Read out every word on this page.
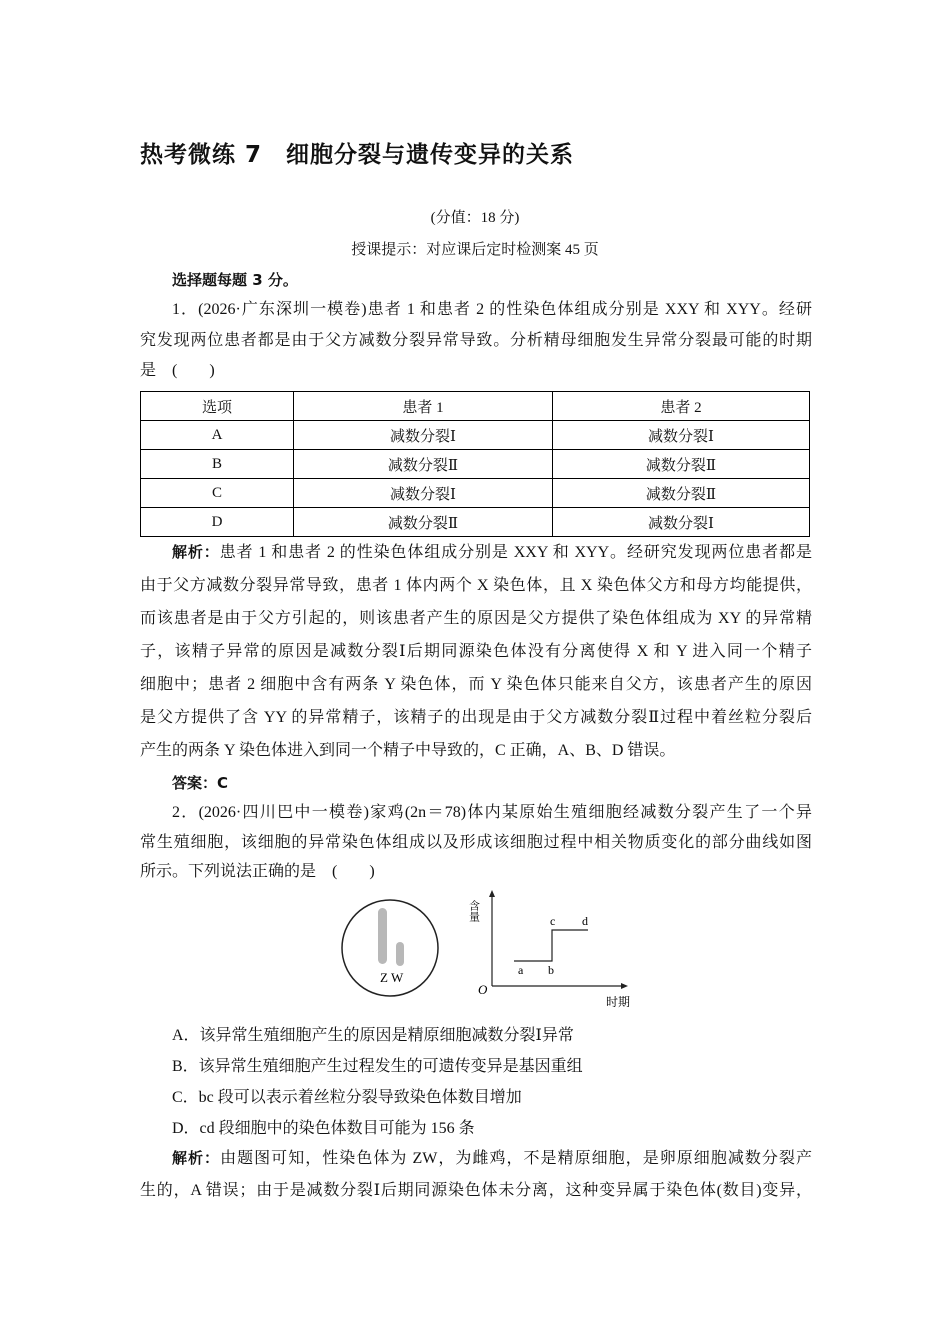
热考微练 7　细胞分裂与遗传变异的关系
(分值：18 分)
授课提示：对应课后定时检测案 45 页
选择题每题 3 分。
1．(2026·广东深圳一模卷)患者 1 和患者 2 的性染色体组成分别是 XXY 和 XYY。经研
究发现两位患者都是由于父方减数分裂异常导致。分析精母细胞发生异常分裂最可能的时期
是　(　　)
选项	患者 1	患者 2
A	减数分裂Ⅰ	减数分裂Ⅰ
B	减数分裂Ⅱ	减数分裂Ⅱ
C	减数分裂Ⅰ	减数分裂Ⅱ
D	减数分裂Ⅱ	减数分裂Ⅰ
解析：患者 1 和患者 2 的性染色体组成分别是 XXY 和 XYY。经研究发现两位患者都是
由于父方减数分裂异常导致，患者 1 体内两个 X 染色体，且 X 染色体父方和母方均能提供，
而该患者是由于父方引起的，则该患者产生的原因是父方提供了染色体组成为 XY 的异常精
子，该精子异常的原因是减数分裂Ⅰ后期同源染色体没有分离使得 X 和 Y 进入同一个精子
细胞中；患者 2 细胞中含有两条 Y 染色体，而 Y 染色体只能来自父方，该患者产生的原因
是父方提供了含 YY 的异常精子，该精子的出现是由于父方减数分裂Ⅱ过程中着丝粒分裂后
产生的两条 Y 染色体进入到同一个精子中导致的，C 正确，A、B、D 错误。
答案：C
2．(2026·四川巴中一模卷)家鸡(2n＝78)体内某原始生殖细胞经减数分裂产生了一个异
常生殖细胞，该细胞的异常染色体组成以及形成该细胞过程中相关物质变化的部分曲线如图
所示。下列说法正确的是　(　　)
Z W
含量
时期
O
a b
c d
A．该异常生殖细胞产生的原因是精原细胞减数分裂Ⅰ异常
B．该异常生殖细胞产生过程发生的可遗传变异是基因重组
C．bc 段可以表示着丝粒分裂导致染色体数目增加
D．cd 段细胞中的染色体数目可能为 156 条
解析：由题图可知，性染色体为 ZW，为雌鸡，不是精原细胞，是卵原细胞减数分裂产
生的，A 错误；由于是减数分裂Ⅰ后期同源染色体未分离，这种变异属于染色体(数目)变异，
